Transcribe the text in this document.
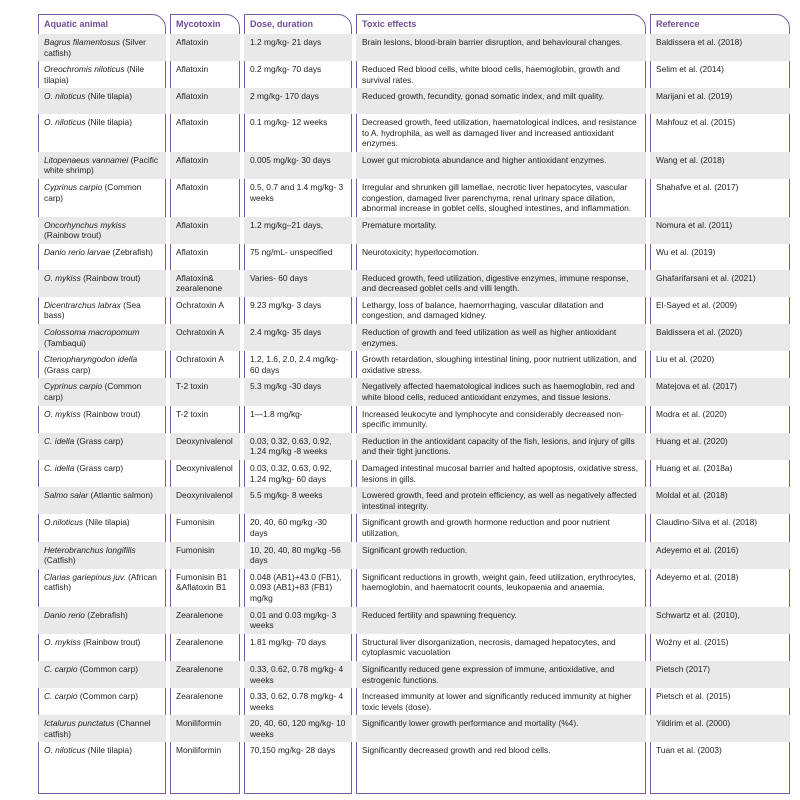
Aquatic animal		Mycotoxin		Dose, duration		Toxic effects		Reference
Bagrus filamentosus (Silver catfish)		Aflatoxin		1.2 mg/kg- 21 days		Brain lesions, blood-brain barrier disruption, and behavioural changes.		Baldissera et al. (2018)
Oreochromis niloticus (Nile tilapia)		Aflatoxin		0.2 mg/kg- 70 days		Reduced Red blood cells, white blood cells, haemoglobin, growth and survival rates.		Selim et al. (2014)
O. niloticus (Nile tilapia)		Aflatoxin		2 mg/kg- 170 days		Reduced growth, fecundity, gonad somatic index, and milt quality.		Marijani et al. (2019)
O. niloticus (Nile tilapia)		Aflatoxin		0.1 mg/kg- 12 weeks		Decreased growth, feed utilization, haematological indices, and resistance to A. hydrophila, as well as damaged liver and increased antioxidant enzymes.		Mahfouz et al. (2015)
Litopenaeus vannamei (Pacific white shrimp)		Aflatoxin		0.005 mg/kg- 30 days		Lower gut microbiota abundance and higher antioxidant enzymes.		Wang et al. (2018)
Cyprinus carpio (Common carp)		Aflatoxin		0.5, 0.7 and 1.4 mg/kg- 3 weeks		Irregular and shrunken gill lamellae, necrotic liver hepatocytes, vascular congestion, damaged liver parenchyma, renal urinary space dilation, abnormal increase in goblet cells, sloughed intestines, and inflammation.		Shahafve et al. (2017)
Oncorhynchus mykiss (Rainbow trout)		Aflatoxin		1.2 mg/kg–21 days,		Premature mortality.		Nomura et al. (2011)
Danio rerio larvae (Zebrafish)		Aflatoxin		75 ng/mL- unspecified		Neurotoxicity; hyperlocomotion.		Wu et al. (2019)
O. mykiss (Rainbow trout)		Aflatoxin& zearalenone		Varies- 60 days		Reduced growth, feed utilization, digestive enzymes, immune response, and decreased goblet cells and villi length.		Ghafarifarsani et al. (2021)
Dicentrarchus labrax (Sea bass)		Ochratoxin A		9.23 mg/kg- 3 days		Lethargy, loss of balance, haemorrhaging, vascular dilatation and congestion, and damaged kidney.		El-Sayed et al. (2009)
Colossoma macropomum (Tambaqui)		Ochratoxin A		2.4 mg/kg- 35 days		Reduction of growth and feed utilization as well as higher antioxidant enzymes.		Baldissera et al. (2020)
Ctenopharyngodon idella (Grass carp)		Ochratoxin A		1.2, 1.6, 2.0, 2.4 mg/kg- 60 days		Growth retardation, sloughing intestinal lining, poor nutrient utilization, and oxidative stress.		Liu et al. (2020)
Cyprinus carpio (Common carp)		T-2 toxin		5.3 mg/kg -30 days		Negatively affected haematological indices such as haemoglobin, red and white blood cells, reduced antioxidant enzymes, and tissue lesions.		Matejova et al. (2017)
O. mykiss (Rainbow trout)		T-2 toxin		1—1.8 mg/kg-		Increased leukocyte and lymphocyte and considerably decreased non-specific immunity.		Modra et al. (2020)
C. idella (Grass carp)		Deoxynivalenol		0.03, 0.32, 0.63, 0.92, 1.24 mg/kg -8 weeks		Reduction in the antioxidant capacity of the fish, lesions, and injury of gills and their tight junctions.		Huang et al. (2020)
C. idella (Grass carp)		Deoxynivalenol		0.03, 0.32, 0.63, 0.92, 1.24 mg/kg- 60 days		Damaged intestinal mucosal barrier and halted apoptosis, oxidative stress, lesions in gills.		Huang et al. (2018a)
Salmo salar (Atlantic salmon)		Deoxynivalenol		5.5 mg/kg- 8 weeks		Lowered growth, feed and protein efficiency, as well as negatively affected intestinal integrity.		Moldal et al. (2018)
O.niloticus (Nile tilapia)		Fumonisin		20, 40, 60 mg/kg -30 days		Significant growth and growth hormone reduction and poor nutrient utilization,		Claudino-Silva et al. (2018)
Heterobranchus longifilis (Catfish)		Fumonisin		10, 20, 40, 80 mg/kg -56 days		Significant growth reduction.		Adeyemo et al. (2016)
Clarias gariepinus juv. (African catfish)		Fumonisin B1 &Aflatoxin B1		0.048 (AB1)+43.0 (FB1), 0.093 (AB1)+83 (FB1) mg/kg		Significant reductions in growth, weight gain, feed utilization, erythrocytes, haemoglobin, and haematocrit counts, leukopaenia and anaemia.		Adeyemo et al. (2018)
Danio rerio (Zebrafish)		Zearalenone		0.01 and 0.03 mg/kg- 3 weeks		Reduced fertility and spawning frequency.		Schwartz et al. (2010),
O. mykiss (Rainbow trout)		Zearalenone		1.81 mg/kg- 70 days		Structural liver disorganization, necrosis, damaged hepatocytes, and cytoplasmic vacuolation		Woźny et al. (2015)
C. carpio (Common carp)		Zearalenone		0.33, 0.62, 0.78 mg/kg- 4 weeks		Significantly reduced gene expression of immune, antioxidative, and estrogenic functions.		Pietsch (2017)
C. carpio (Common carp)		Zearalenone		0.33, 0.62, 0.78 mg/kg- 4 weeks		Increased immunity at lower and significantly reduced immunity at higher toxic levels (dose).		Pietsch et al. (2015)
Ictalurus punctatus (Channel catfish)		Moniliformin		20, 40, 60, 120 mg/kg- 10 weeks		Significantly lower growth performance and mortality (%4).		Yildirim et al. (2000)
O. niloticus (Nile tilapia)		Moniliformin		70,150 mg/kg- 28 days		Significantly decreased growth and red blood cells.		Tuan et al. (2003)
